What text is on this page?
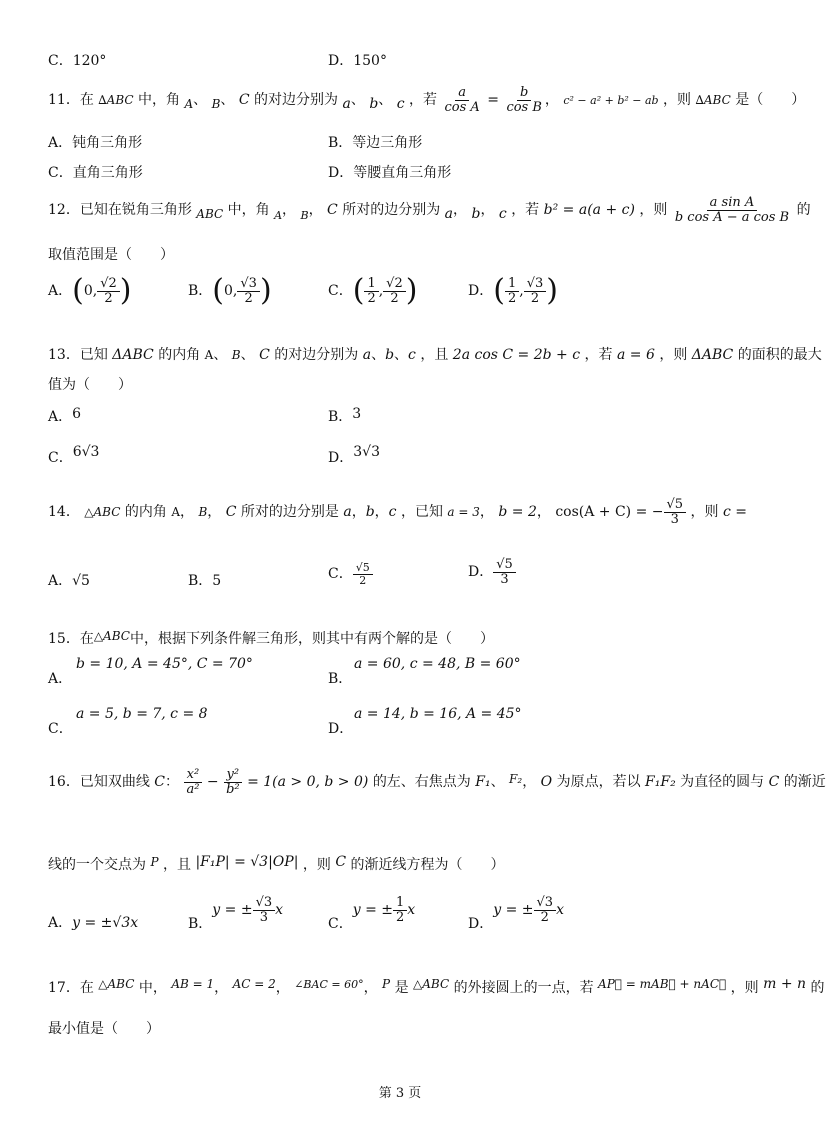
C．120°	D．150°
11．在 ∆ABC 中，角 A、 B、 C 的对边分别为 a、 b、 c ，若 $\frac{a}{\text{cos A}} = \frac{b}{\text{cos B}}$ ， c² − a² + b² − ab ，则 ∆ABC 是（　　）
A．钝角三角形	B．等边三角形
C．直角三角形	D．等腰直角三角形
12．已知在锐角三角形 ABC 中，角 $_A$， $_B$， C 所对的边分别为 a， b， c ，若 b² = a(a + c) ，则 $\frac{\text{a sin A}}{\text{b cos A − a cos B}}$ 的
取值范围是（　　）
A．(0, $\frac{√2}{2}$ )	B．(0, $\frac{√3}{2}$ )	C．( $\frac{1}{2}$ , $\frac{√2}{2}$ )	D．( $\frac{1}{2}$ , $\frac{√3}{2}$ )
13．已知 ΔABC 的内角 A、 B、 C 的对边分别为 a、b、c ，且 2a cos C = 2b + c ，若 a = 6 ，则 ΔABC 的面积的最大
值为（　　）
A．6	B．3
C．6√3	D．3√3
14． △ABC 的内角 A， B， C 所对的边分别是 a，b，c ，已知 a = 3， b = 2， cos(A + C) = − $\frac{√5}{3}$ ，则 c =
A．√5	B．5	C． $\frac{√5}{2}$	D． $\frac{√5}{3}$
15．在△ABC中，根据下列条件解三角形，则其中有两个解的是（　　）
b = 10, A = 45°, C = 70°
A．
a = 60, c = 48, B = 60°
B．
a = 5, b = 7, c = 8
C．
a = 14, b = 16, A = 45°
D．
16．已知双曲线 C： $\frac{\text{x²}}{\text{a²}} - \frac{\text{y²}}{\text{b²}} = 1(a > 0$, b > 0) 的左、右焦点为 F₁、 F₂， O 为原点，若以 F₁F₂ 为直径的圆与 C 的渐近
线的一个交点为 P ，且 |F₁P| = √3|OP| ，则 C 的渐近线方程为（　　）
A．y = ±√3x	B．y = ± $\frac{√3}{3}$ x
C．y = ± $\frac{1}{2}$ x
D．y = ± $\frac{√3}{2}$ x
17．在 △ABC 中， AB = 1， AC = 2， $^{\angle BAC = 60^\circ}$， P 是 △ABC 的外接圆上的一点，若 AP⃗ = mAB⃗ + nAC⃗ ，则 m + n 的
最小值是（　　）
第 3 页
